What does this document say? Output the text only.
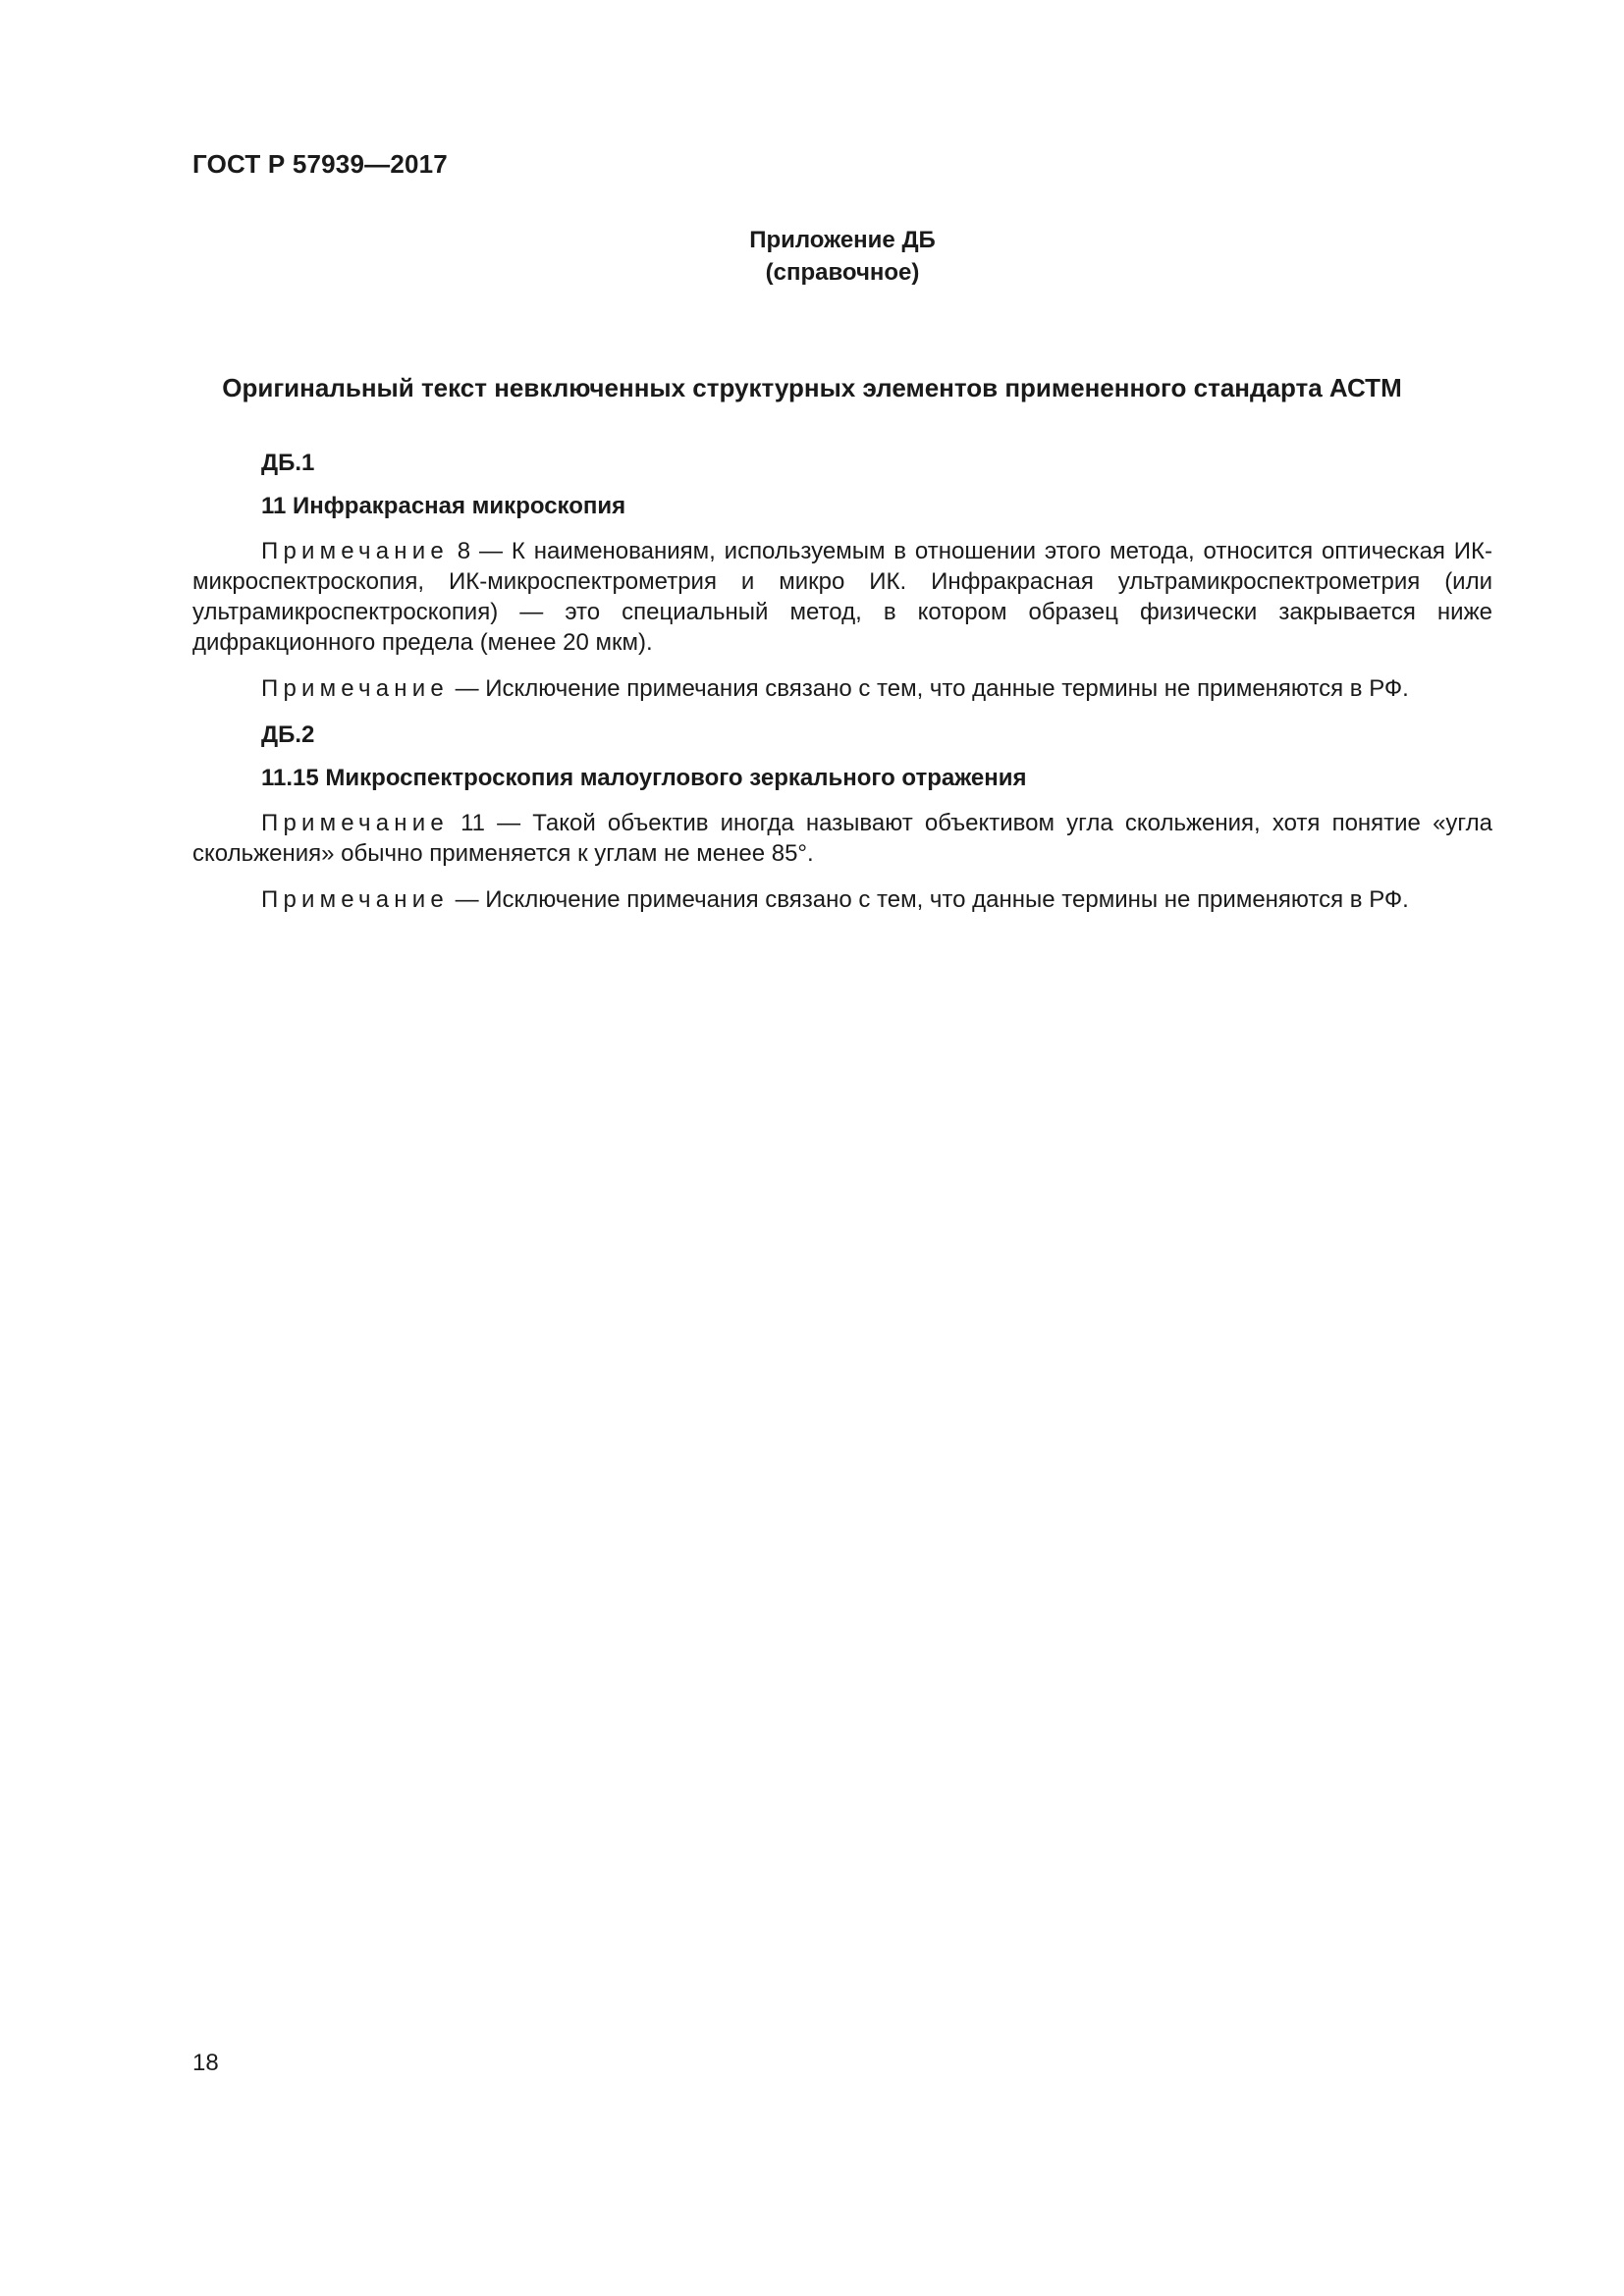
ГОСТ Р 57939—2017
Приложение ДБ
(справочное)
Оригинальный текст невключенных структурных элементов примененного стандарта АСТМ
ДБ.1
11 Инфракрасная микроскопия

Примечание 8 — К наименованиям, используемым в отношении этого метода, относится оптическая ИК-микроспектроскопия, ИК-микроспектрометрия и микро ИК. Инфракрасная ультрамикроспектрометрия (или ультрамикроспектроскопия) — это специальный метод, в котором образец физически закрывается ниже дифракционного предела (менее 20 мкм).

Примечание — Исключение примечания связано с тем, что данные термины не применяются в РФ.

ДБ.2
11.15 Микроспектроскопия малоуглового зеркального отражения

Примечание 11 — Такой объектив иногда называют объективом угла скольжения, хотя понятие «угла скольжения» обычно применяется к углам не менее 85°.

Примечание — Исключение примечания связано с тем, что данные термины не применяются в РФ.

18
